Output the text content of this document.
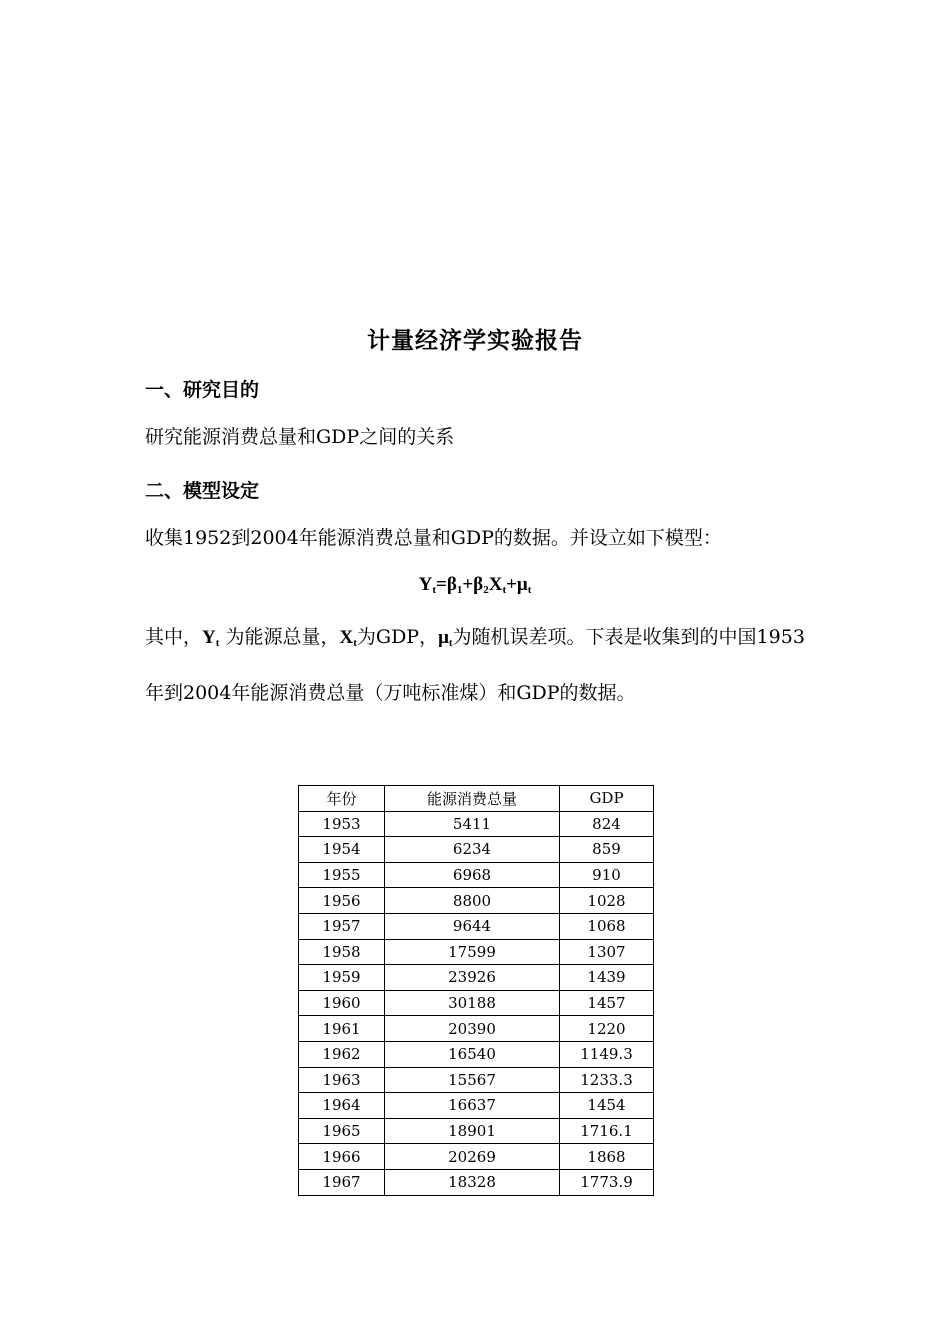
计量经济学实验报告
一、研究目的
研究能源消费总量和GDP之间的关系
二、模型设定
收集1952到2004年能源消费总量和GDP的数据。并设立如下模型：
$Y_t=\beta_1+\beta_2X_t+\mu_t$
其中，$Y_t$ 为能源总量，$X_t$为GDP，$\mu_t$为随机误差项。下表是收集到的中国1953年到2004年能源消费总量（万吨标准煤）和GDP的数据。
年份	能源消费总量	GDP
1953	5411	824
1954	6234	859
1955	6968	910
1956	8800	1028
1957	9644	1068
1958	17599	1307
1959	23926	1439
1960	30188	1457
1961	20390	1220
1962	16540	1149.3
1963	15567	1233.3
1964	16637	1454
1965	18901	1716.1
1966	20269	1868
1967	18328	1773.9
